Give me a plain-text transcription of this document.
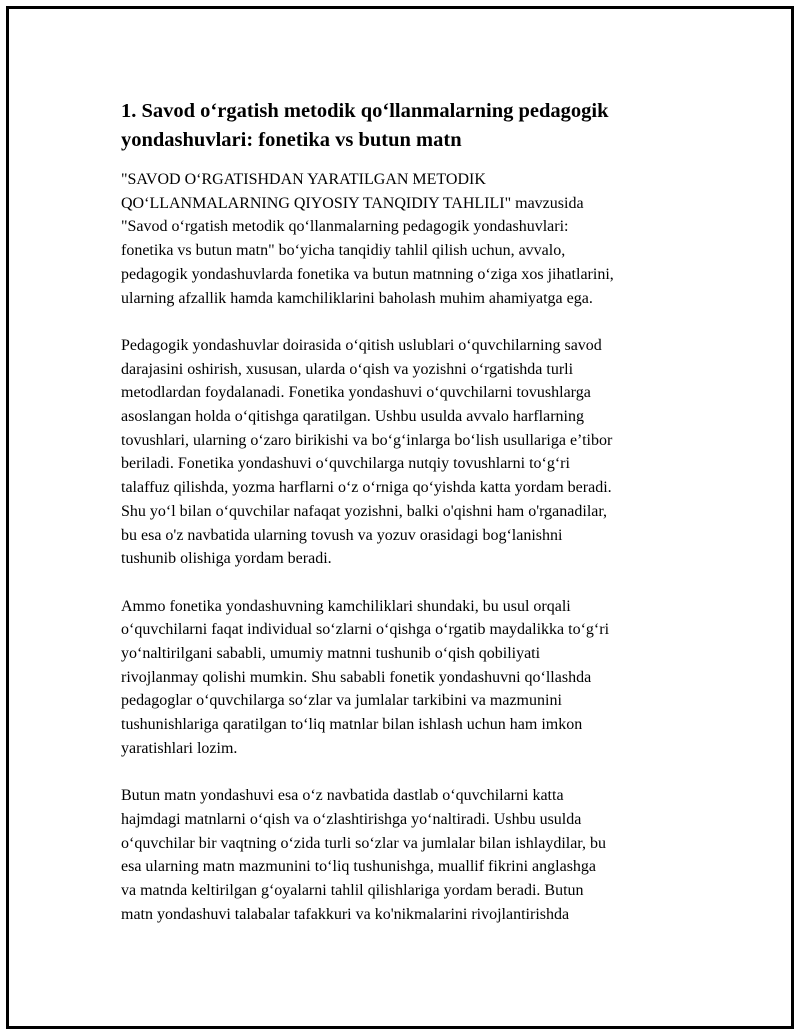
1. Savod o‘rgatish metodik qo‘llanmalarning pedagogik
yondashuvlari: fonetika vs butun matn

"SAVOD O‘RGATISHDAN YARATILGAN METODIK
QO‘LLANMALARNING QIYOSIY TANQIDIY TAHLILI" mavzusida
"Savod o‘rgatish metodik qo‘llanmalarning pedagogik yondashuvlari:
fonetika vs butun matn" bo‘yicha tanqidiy tahlil qilish uchun, avvalo,
pedagogik yondashuvlarda fonetika va butun matnning o‘ziga xos jihatlarini,
ularning afzallik hamda kamchiliklarini baholash muhim ahamiyatga ega.

Pedagogik yondashuvlar doirasida o‘qitish uslublari o‘quvchilarning savod
darajasini oshirish, xususan, ularda o‘qish va yozishni o‘rgatishda turli
metodlardan foydalanadi. Fonetika yondashuvi o‘quvchilarni tovushlarga
asoslangan holda o‘qitishga qaratilgan. Ushbu usulda avvalo harflarning
tovushlari, ularning o‘zaro birikishi va bo‘g‘inlarga bo‘lish usullariga e’tibor
beriladi. Fonetika yondashuvi o‘quvchilarga nutqiy tovushlarni to‘g‘ri
talaffuz qilishda, yozma harflarni o‘z o‘rniga qo‘yishda katta yordam beradi.
Shu yo‘l bilan o‘quvchilar nafaqat yozishni, balki o'qishni ham o'rganadilar,
bu esa o'z navbatida ularning tovush va yozuv orasidagi bog‘lanishni
tushunib olishiga yordam beradi.

Ammo fonetika yondashuvning kamchiliklari shundaki, bu usul orqali
o‘quvchilarni faqat individual so‘zlarni o‘qishga o‘rgatib maydalikka to‘g‘ri
yo‘naltirilgani sababli, umumiy matnni tushunib o‘qish qobiliyati
rivojlanmay qolishi mumkin. Shu sababli fonetik yondashuvni qo‘llashda
pedagoglar o‘quvchilarga so‘zlar va jumlalar tarkibini va mazmunini
tushunishlariga qaratilgan to‘liq matnlar bilan ishlash uchun ham imkon
yaratishlari lozim.

Butun matn yondashuvi esa o‘z navbatida dastlab o‘quvchilarni katta
hajmdagi matnlarni o‘qish va o‘zlashtirishga yo‘naltiradi. Ushbu usulda
o‘quvchilar bir vaqtning o‘zida turli so‘zlar va jumlalar bilan ishlaydilar, bu
esa ularning matn mazmunini to‘liq tushunishga, muallif fikrini anglashga
va matnda keltirilgan g‘oyalarni tahlil qilishlariga yordam beradi. Butun
matn yondashuvi talabalar tafakkuri va ko'nikmalarini rivojlantirishda
